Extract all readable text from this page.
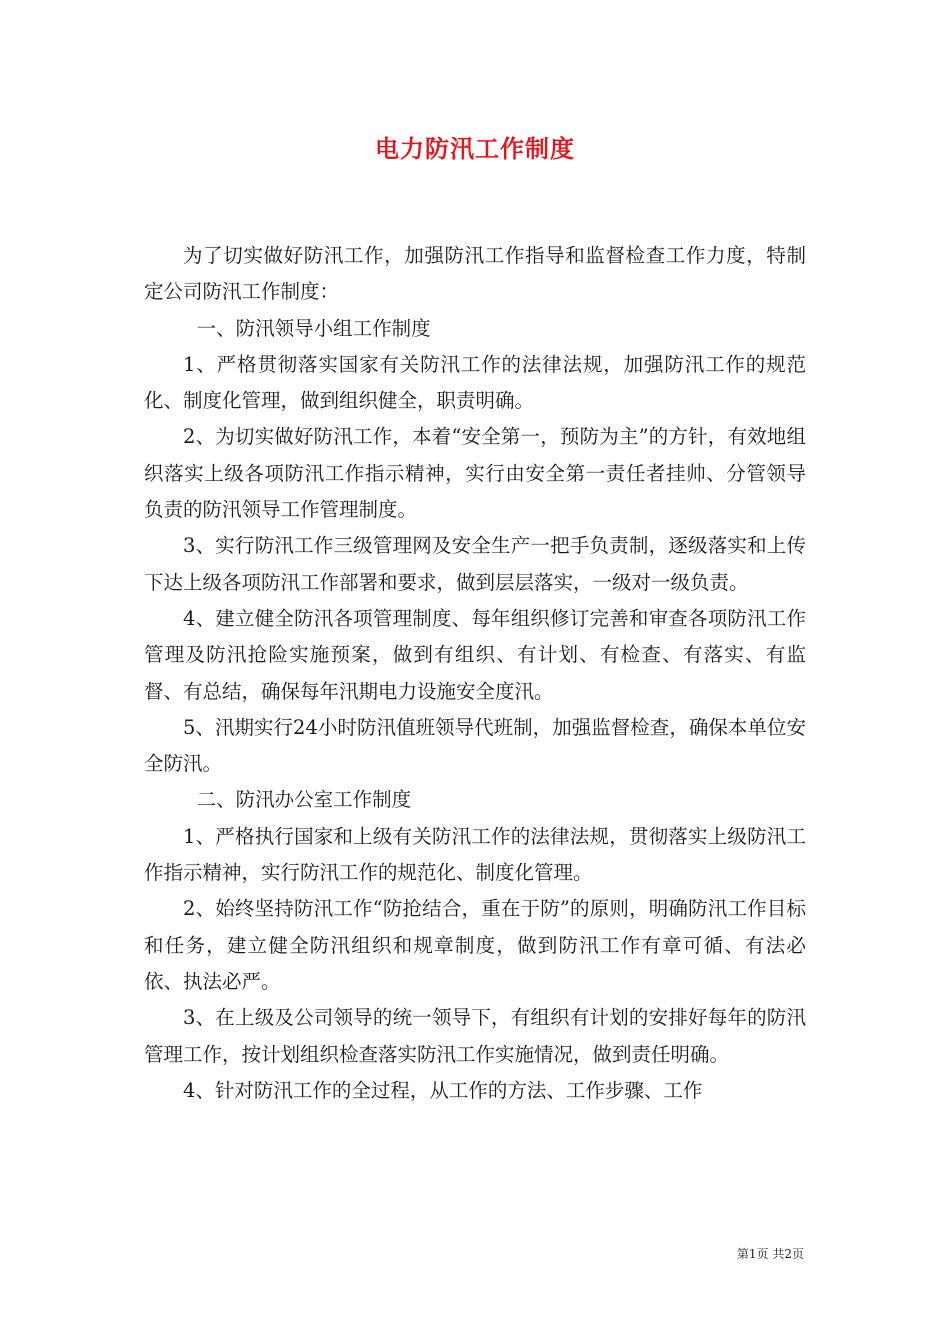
电力防汛工作制度

为了切实做好防汛工作，加强防汛工作指导和监督检查工作力度，特制定公司防汛工作制度：

一、防汛领导小组工作制度

1、严格贯彻落实国家有关防汛工作的法律法规，加强防汛工作的规范化、制度化管理，做到组织健全，职责明确。

2、为切实做好防汛工作，本着“安全第一，预防为主”的方针，有效地组织落实上级各项防汛工作指示精神，实行由安全第一责任者挂帅、分管领导负责的防汛领导工作管理制度。

3、实行防汛工作三级管理网及安全生产一把手负责制，逐级落实和上传下达上级各项防汛工作部署和要求，做到层层落实，一级对一级负责。

4、建立健全防汛各项管理制度、每年组织修订完善和审查各项防汛工作管理及防汛抢险实施预案，做到有组织、有计划、有检查、有落实、有监督、有总结，确保每年汛期电力设施安全度汛。

5、汛期实行24小时防汛值班领导代班制，加强监督检查，确保本单位安全防汛。

二、防汛办公室工作制度

1、严格执行国家和上级有关防汛工作的法律法规，贯彻落实上级防汛工作指示精神，实行防汛工作的规范化、制度化管理。

2、始终坚持防汛工作“防抢结合，重在于防”的原则，明确防汛工作目标和任务，建立健全防汛组织和规章制度，做到防汛工作有章可循、有法必依、执法必严。

3、在上级及公司领导的统一领导下，有组织有计划的安排好每年的防汛管理工作，按计划组织检查落实防汛工作实施情况，做到责任明确。

4、针对防汛工作的全过程，从工作的方法、工作步骤、工作

第1页 共2页
